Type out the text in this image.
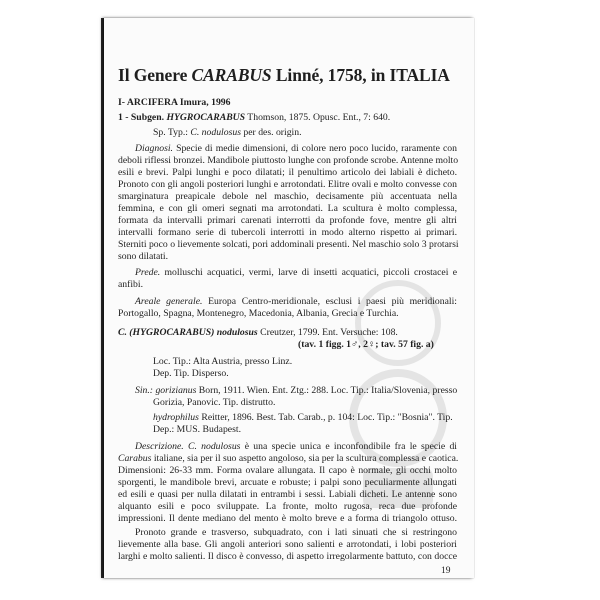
Il Genere CARABUS Linné, 1758, in ITALIA
I- ARCIFERA Imura, 1996
1 - Subgen. HYGROCARABUS Thomson, 1875. Opusc. Ent., 7: 640.
Sp. Typ.: C. nodulosus per des. origin.
Diagnosi. Specie di medie dimensioni, di colore nero poco lucido, raramente con
deboli riflessi bronzei. Mandibole piuttosto lunghe con profonde scrobe. Antenne molto
esili e brevi. Palpi lunghi e poco dilatati; il penultimo articolo dei labiali è dicheto.
Pronoto con gli angoli posteriori lunghi e arrotondati. Elitre ovali e molto convesse con
smarginatura preapicale debole nel maschio, decisamente più accentuata nella
femmina, e con gli omeri segnati ma arrotondati. La scultura è molto complessa,
formata da intervalli primari carenati interrotti da profonde fove, mentre gli altri
intervalli formano serie di tubercoli interrotti in modo alterno rispetto ai primari.
Sterniti poco o lievemente solcati, pori addominali presenti. Nel maschio solo 3 protarsi
sono dilatati.
Prede. molluschi acquatici, vermi, larve di insetti acquatici, piccoli crostacei e
anfibi.
Areale generale. Europa Centro-meridionale, esclusi i paesi più meridionali:
Portogallo, Spagna, Montenegro, Macedonia, Albania, Grecia e Turchia.
C. (HYGROCARABUS) nodulosus Creutzer, 1799. Ent. Versuche: 108.
(tav. 1 figg. 1♂, 2♀; tav. 57 fig. a)
Loc. Tip.: Alta Austria, presso Linz.
Dep. Tip. Disperso.
Sin.: gorizianus Born, 1911. Wien. Ent. Ztg.: 288. Loc. Tip.: Italia/Slovenia, presso
Gorizia, Panovic. Tip. distrutto.
hydrophilus Reitter, 1896. Best. Tab. Carab., p. 104: Loc. Tip.: "Bosnia". Tip.
Dep.: MUS. Budapest.
Descrizione. C. nodulosus è una specie unica e inconfondibile fra le specie di
Carabus italiane, sia per il suo aspetto angoloso, sia per la scultura complessa e caotica.
Dimensioni: 26-33 mm. Forma ovalare allungata. Il capo è normale, gli occhi molto
sporgenti, le mandibole brevi, arcuate e robuste; i palpi sono peculiarmente allungati
ed esili e quasi per nulla dilatati in entrambi i sessi. Labiali dicheti. Le antenne sono
alquanto esili e poco sviluppate. La fronte, molto rugosa, reca due profonde
impressioni. Il dente mediano del mento è molto breve e a forma di triangolo ottuso.
Pronoto grande e trasverso, subquadrato, con i lati sinuati che si restringono
lievemente alla base. Gli angoli anteriori sono salienti e arrotondati, i lobi posteriori
larghi e molto salienti. Il disco è convesso, di aspetto irregolarmente battuto, con docce
19
